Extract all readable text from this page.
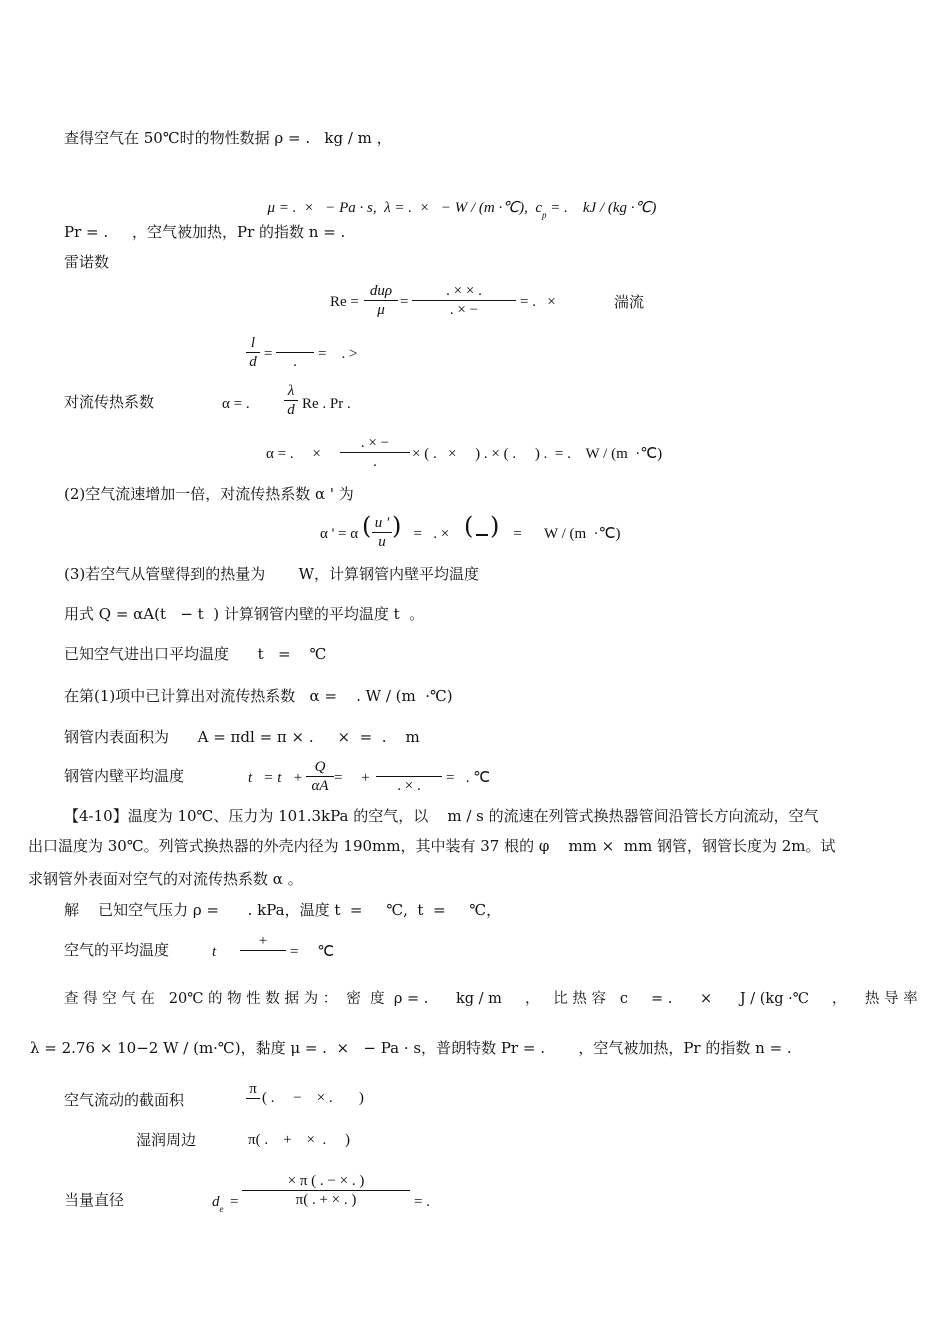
查得空气在 50℃时的物性数据 ρ = .   kg / m ，

μ = .  ×   − Pa · s,  λ = .  ×   − W / (m ·℃),  $c_p$ = .    kJ / (kg ·℃)

Pr = .     ，空气被加热，Pr 的指数 n = .
雷诺数
Re =
duρ
μ	=
. × × .
. × −	= .   ×	湍流
l
d =	.	=    . >
对流传热系数	α = .
λ
d Re . Pr .
α = .     ×
. × −
.	× ( .   ×     ) . × ( .     ) .  = .    W / (m  ·℃)
(2)空气流速增加一倍，对流传热系数 α ' 为
α ' = α ( u '
u
) =   . × ( ) =      W / (m  ·℃)
(3)若空气从管壁得到的热量为       W，计算钢管内壁平均温度
用式 Q = αA(t   − t  ) 计算钢管内壁的平均温度 t  。
已知空气进出口平均温度      t   =    ℃
在第(1)项中已计算出对流传热系数   α =    . W / (m  ·℃)
钢管内表面积为      A = πdl = π × .     ×  =  .    m
钢管内壁平均温度	t   = t   +
Q
αA =     +	. × .	=   . ℃
【4-10】温度为 10℃、压力为 101.3kPa 的空气，以    m / s 的流速在列管式换热器管间沿管长方向流动，空气
出口温度为 30℃。列管式换热器的外壳内径为 190mm，其中装有 37 根的 φ    mm ×  mm 钢管，钢管长度为 2m。试
求钢管外表面对空气的对流传热系数 α 。
解    已知空气压力 ρ =      . kPa，温度 t  =     ℃,  t  =     ℃，
空气的平均温度	t
+
=     ℃
查 得 空 气 在   20℃ 的 物 性 数 据 为 ：  密  度  ρ = .      kg / m     ，   比 热 容   c     = .      ×      J / (kg ·℃     ，    热 导 率
λ = 2.76 × 10−2 W / (m·℃)，黏度 μ = .  ×   − Pa · s，普朗特数 Pr = .       ，空气被加热，Pr 的指数 n = .
空气流动的截面积
π
( .     −    × .       )
湿润周边	π( .    +    ×  .     )
当量直径	$d_e$ =
× π ( . − × . )
π( . + × . )	= .
